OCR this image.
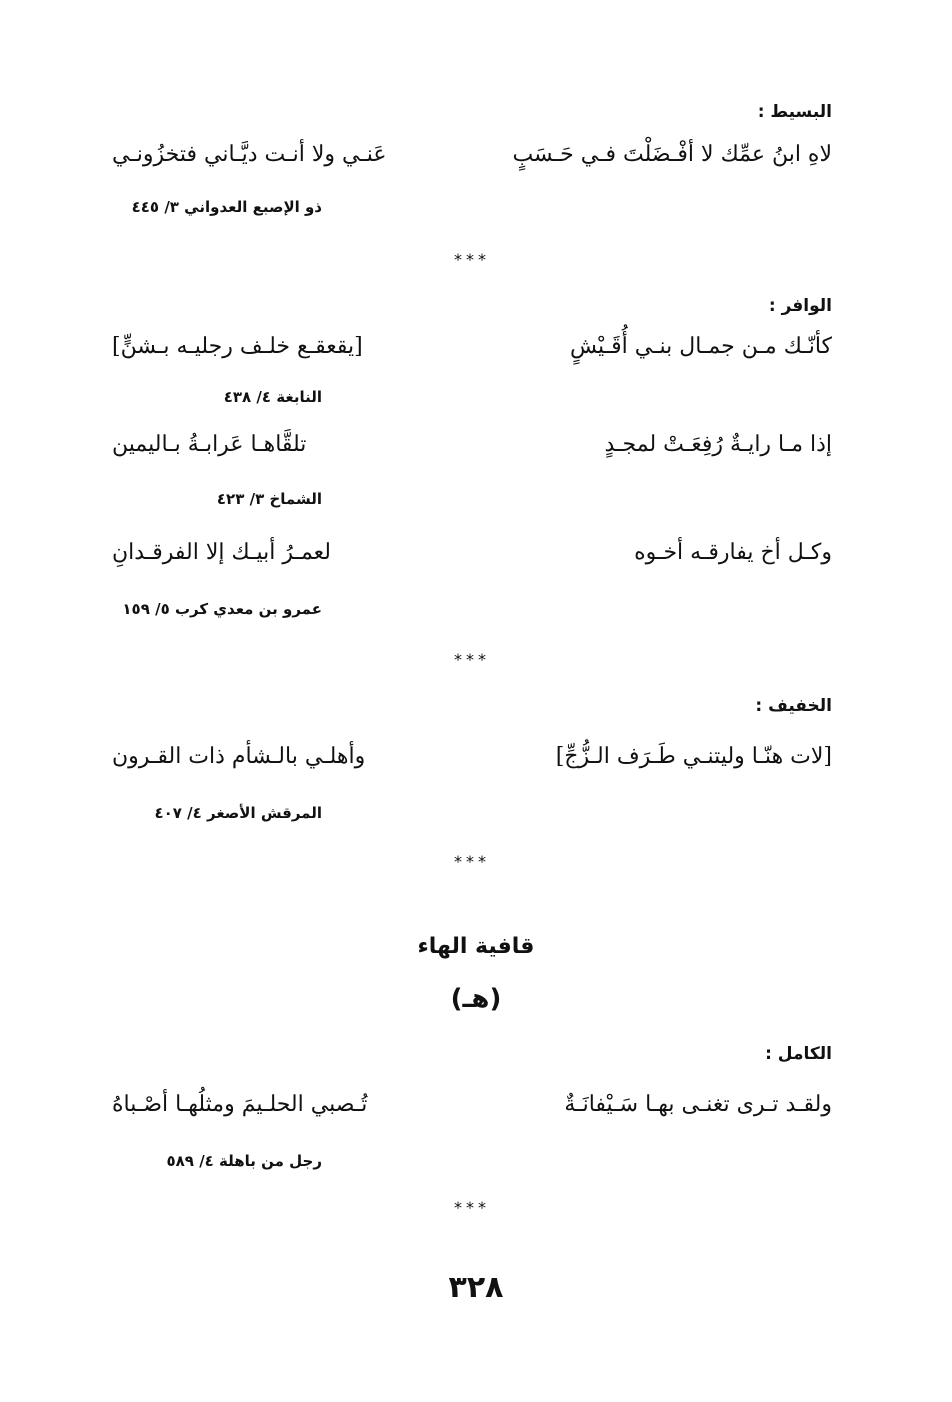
البسيط :
لاهِ ابنُ عمِّك لا أفْـضَلْتَ فـي حَـسَبٍ
عَنـي ولا أنـت ديَّـاني فتخزُونـي
ذو الإصبع العدواني ٣/ ٤٤٥
***
الوافر :
كأنّـك مـن جمـال بنـي أُقَـيْشٍ
[يقعقـع خلـف رجليـه بـشنٍّ]
النابغة ٤/ ٤٣٨
إذا مـا رايـةٌ رُفِعَـتْ لمجـدٍ
تلقَّاهـا عَرابـةُ بـاليمين
الشماخ ٣/ ٤٢٣
وكـل أخ يفارقـه أخـوه
لعمـرُ أبيـك إلا الفرقـدانِ
عمرو بن معدي كرب ٥/ ١٥٩
***
الخفيف :
[لات هنّـا وليتنـي طَـرَف الـزُّجِّ]
وأهلـي بالـشأم ذات القـرون
المرقش الأصغر ٤/ ٤٠٧
***
قافية الهاء
(هـ)
الكامل :
ولقـد تـرى تغنـى بهـا سَـيْفانَـةٌ
تُـصبي الحلـيمَ ومثلُهـا أصْـباهُ
رجل من باهلة ٤/ ٥٨٩
***
٣٢٨
